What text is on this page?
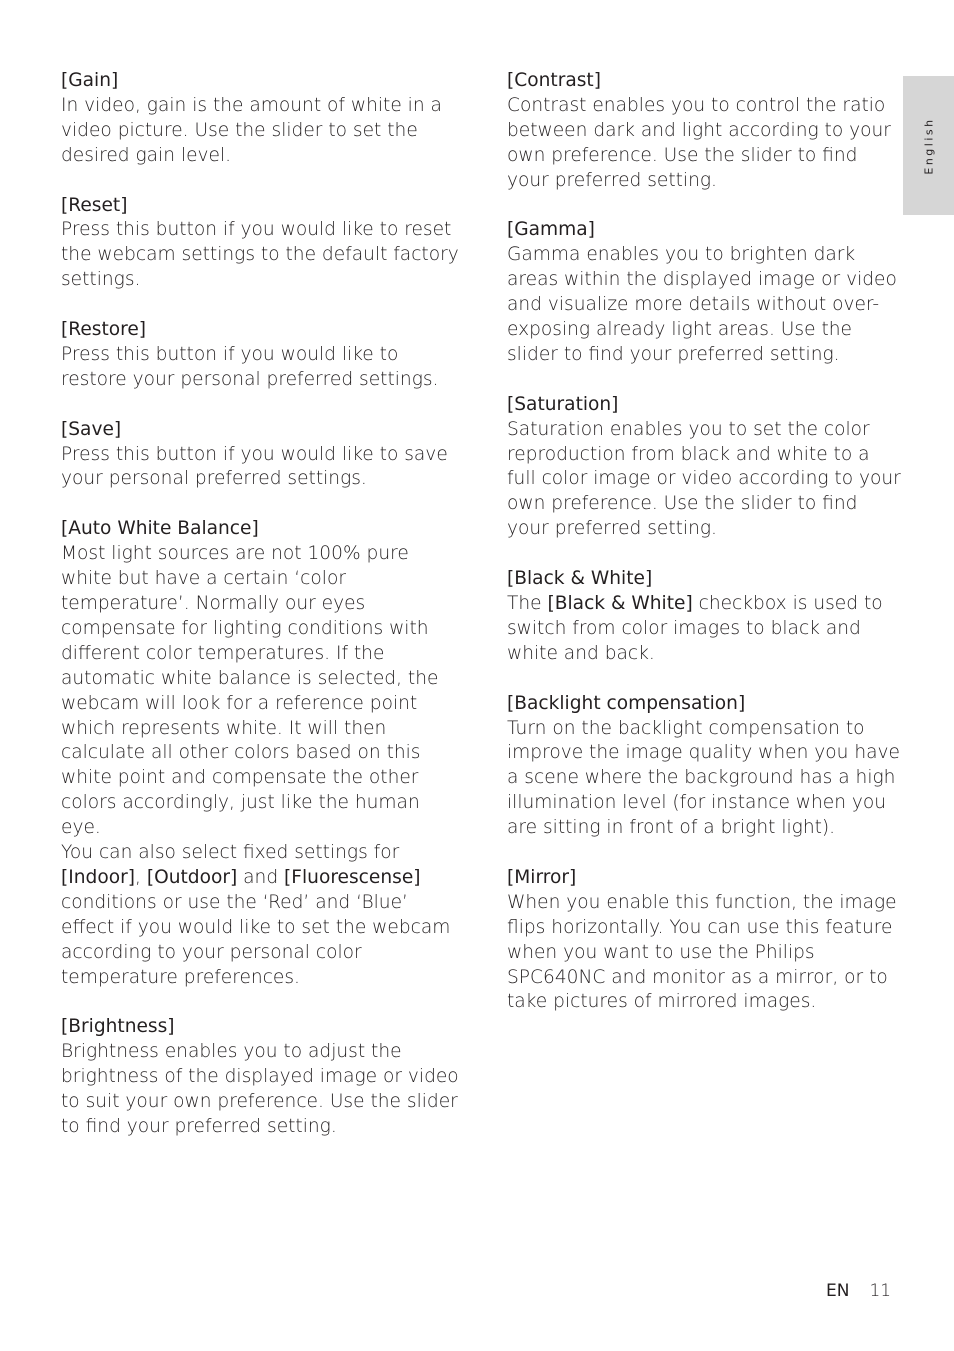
English
[Gain]

In video, gain is the amount of white in a video picture. Use the slider to set the desired gain level.

[Reset]

Press this button if you would like to reset the webcam settings to the default factory settings.

[Restore]

Press this button if you would like to restore your personal preferred settings.

[Save]

Press this button if you would like to save your personal preferred settings.

[Auto White Balance]

Most light sources are not 100% pure white but have a certain ‘color temperature’. Normally our eyes compensate for lighting conditions with different color temperatures. If the automatic white balance is selected, the webcam will look for a reference point which represents white. It will then calculate all other colors based on this white point and compensate the other colors accordingly, just like the human eye.

You can also select fixed settings for [Indoor], [Outdoor] and [Fluorescense] conditions or use the ‘Red’ and ‘Blue’ effect if you would like to set the webcam according to your personal color temperature preferences.

[Brightness]

Brightness enables you to adjust the brightness of the displayed image or video to suit your own preference. Use the slider to find your preferred setting.

[Contrast]

Contrast enables you to control the ratio between dark and light according to your own preference. Use the slider to find your preferred setting.

[Gamma]

Gamma enables you to brighten dark areas within the displayed image or video and visualize more details without over-exposing already light areas. Use the slider to find your preferred setting.

[Saturation]

Saturation enables you to set the color reproduction from black and white to a full color image or video according to your own preference. Use the slider to find your preferred setting.

[Black & White]

The [Black & White] checkbox is used to switch from color images to black and white and back.

[Backlight compensation]

Turn on the backlight compensation to improve the image quality when you have a scene where the background has a high illumination level (for instance when you are sitting in front of a bright light).

[Mirror]

When you enable this function, the image flips horizontally. You can use this feature when you want to use the Philips SPC640NC and monitor as a mirror, or to take pictures of mirrored images.

EN 11
